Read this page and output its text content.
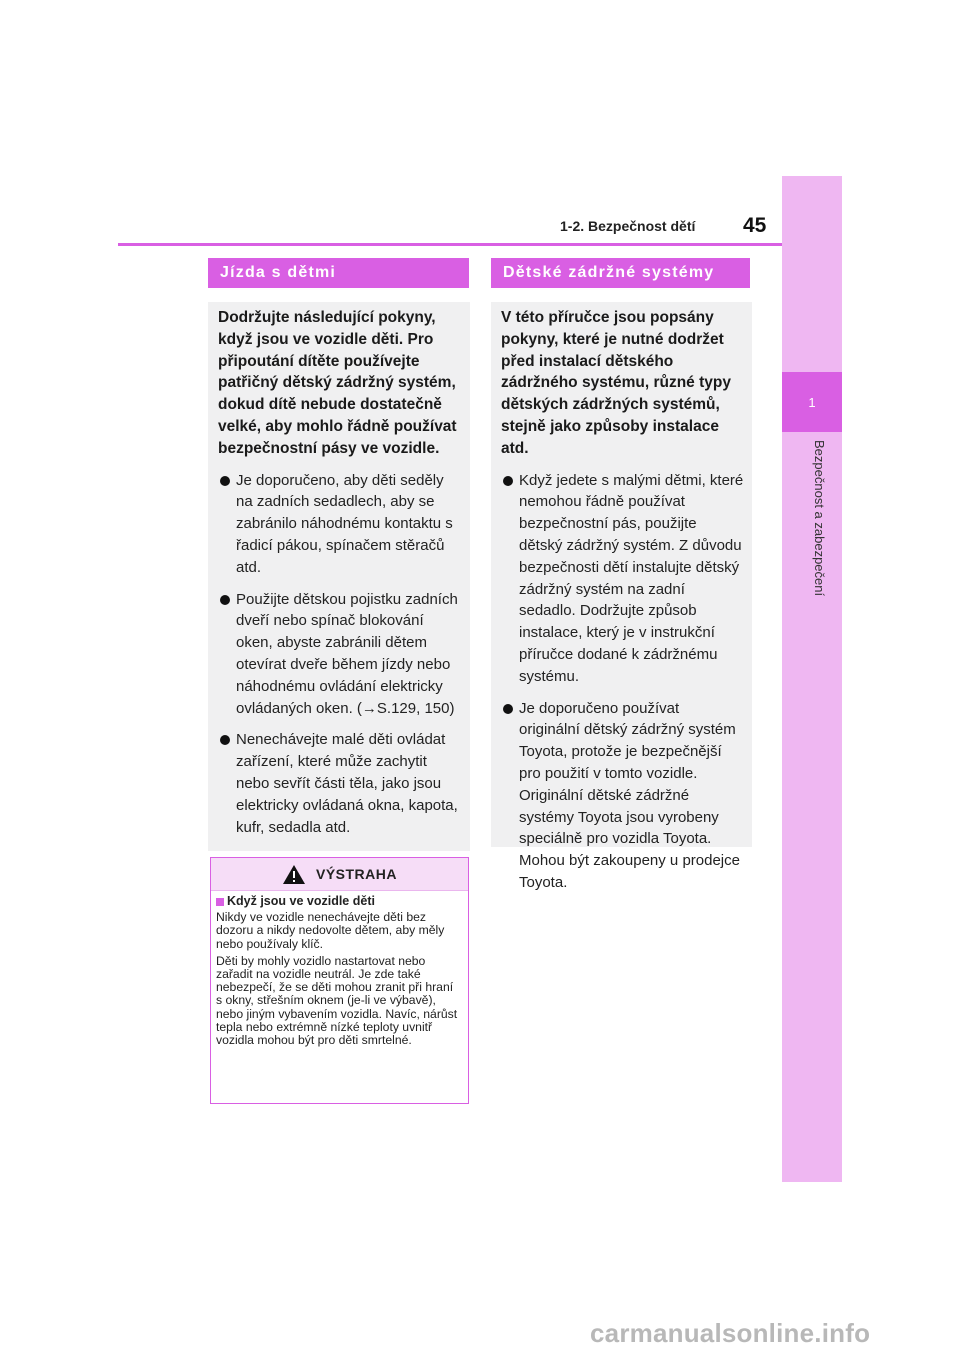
1
Bezpečnost a zabezpečení
1-2. Bezpečnost dětí 45
Jízda s dětmi
Dodržujte následující pokyny, když jsou ve vozidle děti. Pro připoutání dítěte používejte patřičný dětský zádržný systém, dokud dítě nebude dostatečně velké, aby mohlo řádně používat bezpečnostní pásy ve vozidle.
Je doporučeno, aby děti seděly na zadních sedadlech, aby se zabránilo náhodnému kontaktu s řadicí pákou, spínačem stěračů atd.
Použijte dětskou pojistku zadních dveří nebo spínač blokování oken, abyste zabránili dětem otevírat dveře během jízdy nebo náhodnému ovládání elektricky ovládaných oken. (→S.129, 150)
Nenechávejte malé děti ovládat zařízení, které může zachytit nebo sevřít části těla, jako jsou elektricky ovládaná okna, kapota, kufr, sedadla atd.
VÝSTRAHA
Když jsou ve vozidle děti

Nikdy ve vozidle nenechávejte děti bez dozoru a nikdy nedovolte dětem, aby měly nebo používaly klíč.

Děti by mohly vozidlo nastartovat nebo zařadit na vozidle neutrál. Je zde také nebezpečí, že se děti mohou zranit při hraní s okny, střešním oknem (je-li ve výbavě), nebo jiným vybavením vozidla. Navíc, nárůst tepla nebo extrémně nízké teploty uvnitř vozidla mohou být pro děti smrtelné.

Dětské zádržné systémy
V této příručce jsou popsány pokyny, které je nutné dodržet před instalací dětského zádržného systému, různé typy dětských zádržných systémů, stejně jako způsoby instalace atd.
Když jedete s malými dětmi, které nemohou řádně používat bezpečnostní pás, použijte dětský zádržný systém. Z důvodu bezpečnosti dětí instalujte dětský zádržný systém na zadní sedadlo. Dodržujte způsob instalace, který je v instrukční příručce dodané k zádržnému systému.
Je doporučeno používat originální dětský zádržný systém Toyota, protože je bezpečnější pro použití v tomto vozidle. Originální dětské zádržné systémy Toyota jsou vyrobeny speciálně pro vozidla Toyota. Mohou být zakoupeny u prodejce Toyota.
carmanualsonline.info
